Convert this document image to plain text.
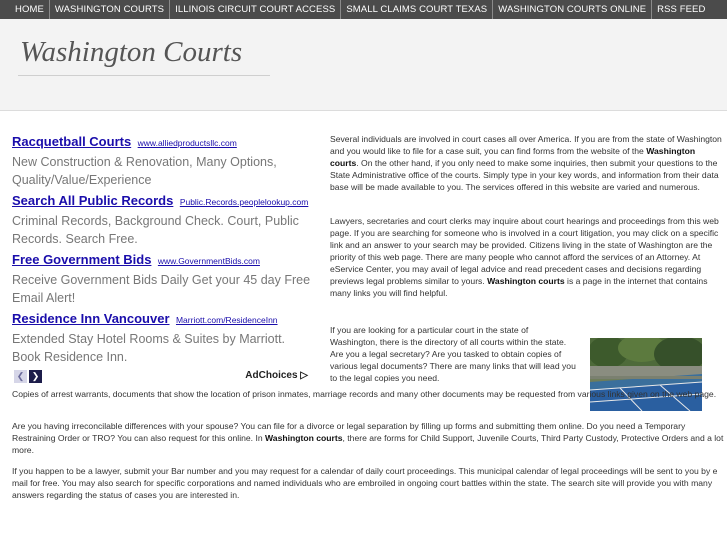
HOME	WASHINGTON COURTS	ILLINOIS CIRCUIT COURT ACCESS	SMALL CLAIMS COURT TEXAS	WASHINGTON COURTS ONLINE	RSS FEED
Washington Courts
Racquetball Courts www.alliedproductsllc.com
New Construction & Renovation, Many Options, Quality/Value/Experience
Search All Public Records Public.Records.peoplelookup.com
Criminal Records, Background Check. Court, Public Records. Search Free.
Free Government Bids www.GovernmentBids.com
Receive Government Bids Daily Get your 45 day Free Email Alert!
Residence Inn Vancouver Marriott.com/ResidenceInn
Extended Stay Hotel Rooms & Suites by Marriott. Book Residence Inn.
❮ ❯	AdChoices ▷

Several individuals are involved in court cases all over America. If you are from the state of Washington and you would like to file for a case suit, you can find forms from the website of the Washington courts. On the other hand, if you only need to make some inquiries, then submit your questions to the State Administrative office of the courts. Simply type in your key words, and information from their data base will be made available to you. The services offered in this website are varied and numerous.

Lawyers, secretaries and court clerks may inquire about court hearings and proceedings from this web page. If you are searching for someone who is involved in a court litigation, you may click on a specific link and an answer to your search may be provided. Citizens living in the state of Washington are the priority of this web page. There are many people who cannot afford the services of an Attorney. At eService Center, you may avail of legal advice and read precedent cases and decisions regarding previews legal problems similar to yours. Washington courts is a page in the internet that contains many links you will find helpful.

If you are looking for a particular court in the state of Washington, there is the directory of all courts within the state. Are you a legal secretary? Are you tasked to obtain copies of various legal documents? There are many links that will lead you to the legal copies you need.

Copies of arrest warrants, documents that show the location of prison inmates, marriage records and many other documents may be requested from various links given on the web page.

Are you having irreconcilable differences with your spouse? You can file for a divorce or legal separation by filling up forms and submitting them online. Do you need a Temporary Restraining Order or TRO? You can also request for this online. In Washington courts, there are forms for Child Support, Juvenile Courts, Third Party Custody, Protective Orders and a lot more.

If you happen to be a lawyer, submit your Bar number and you may request for a calendar of daily court proceedings. This municipal calendar of legal proceedings will be sent to you by e mail for free. You may also search for specific corporations and named individuals who are embroiled in ongoing court battles within the state. The search site will provide you with many answers regarding the status of cases you are interested in.
